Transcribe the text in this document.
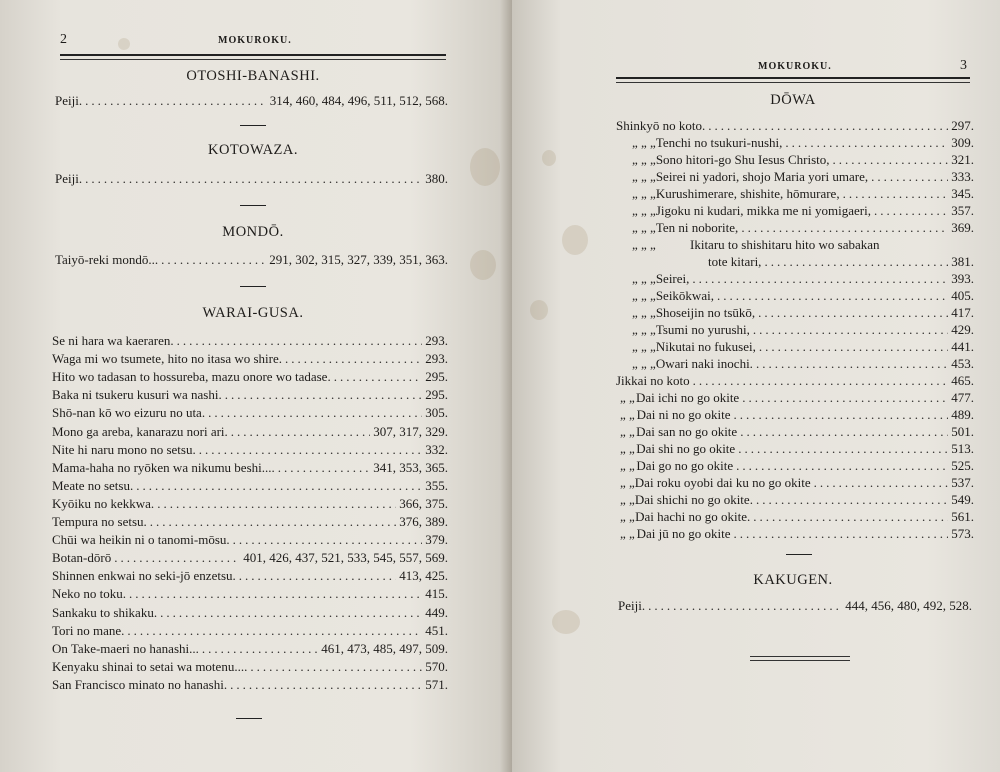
2	MOKUROKU.
OTOSHI-BANASHI.
Peiji. .....	314, 460, 484, 496, 511, 512, 568.
KOTOWAZA.
Peiji. .....	380.
MONDŌ.
Taiyō-reki mondō... .....	291, 302, 315, 327, 339, 351, 363.
WARAI-GUSA.
Se ni hara wa kaeraren. .....	293.
Waga mi wo tsumete, hito no itasa wo shire. .....	293.
Hito wo tadasan to hossureba, mazu onore wo tadase. .....	295.
Baka ni tsukeru kusuri wa nashi. .....	295.
Shō-nan kō wo eizuru no uta. .....	305.
Mono ga areba, kanarazu nori ari. .....	307, 317, 329.
Nite hi naru mono no setsu. .....	332.
Mama-haha no ryōken wa nikumu beshi.... .....	341, 353, 365.
Meate no setsu. .....	355.
Kyōiku no kekkwa. .....	366, 375.
Tempura no setsu. .....	376, 389.
Chūi wa heikin ni o tanomi-mōsu. .....	379.
Botan-dōrō .....	401, 426, 437, 521, 533, 545, 557, 569.
Shinnen enkwai no seki-jō enzetsu. .....	413, 425.
Neko no toku. .....	415.
Sankaku to shikaku. .....	449.
Tori no mane. .....	451.
On Take-maeri no hanashi... .....	461, 473, 485, 497, 509.
Kenyaku shinai to setai wa motenu.... .....	570.
San Francisco minato no hanashi. .....	571.
MOKUROKU.	3
DŌWA
Shinkyō no koto. .....	297.
„ „ „ Tenchi no tsukuri-nushi, .....	309.
„ „ „ Sono hitori-go Shu Iesus Christo, .....	321.
„ „ „ Seirei ni yadori, shojo Maria yori umare, .....	333.
„ „ „ Kurushimerare, shishite, hōmurare, .....	345.
„ „ „ Jigoku ni kudari, mikka me ni yomigaeri, .....	357.
„ „ „ Ten ni noborite, .....	369.
„ „ „	Ikitaru to shishitaru hito wo sabakan
tote kitari, .....	381.
„ „ „ Seirei, .....	393.
„ „ „ Seikōkwai, .....	405.
„ „ „ Shoseijin no tsūkō, .....	417.
„ „ „ Tsumi no yurushi, .....	429.
„ „ „ Nikutai no fukusei, .....	441.
„ „ „ Owari naki inochi. .....	453.
Jikkai no koto .....	465.
„ „ Dai ichi no go okite .....	477.
„ „ Dai ni no go okite .....	489.
„ „ Dai san no go okite .....	501.
„ „ Dai shi no go okite .....	513.
„ „ Dai go no go okite .....	525.
„ „ Dai roku oyobi dai ku no go okite .....	537.
„ „ Dai shichi no go okite. .....	549.
„ „ Dai hachi no go okite. .....	561.
„ „ Dai jū no go okite .....	573.
KAKUGEN.
Peiji. .....	444, 456, 480, 492, 528.
